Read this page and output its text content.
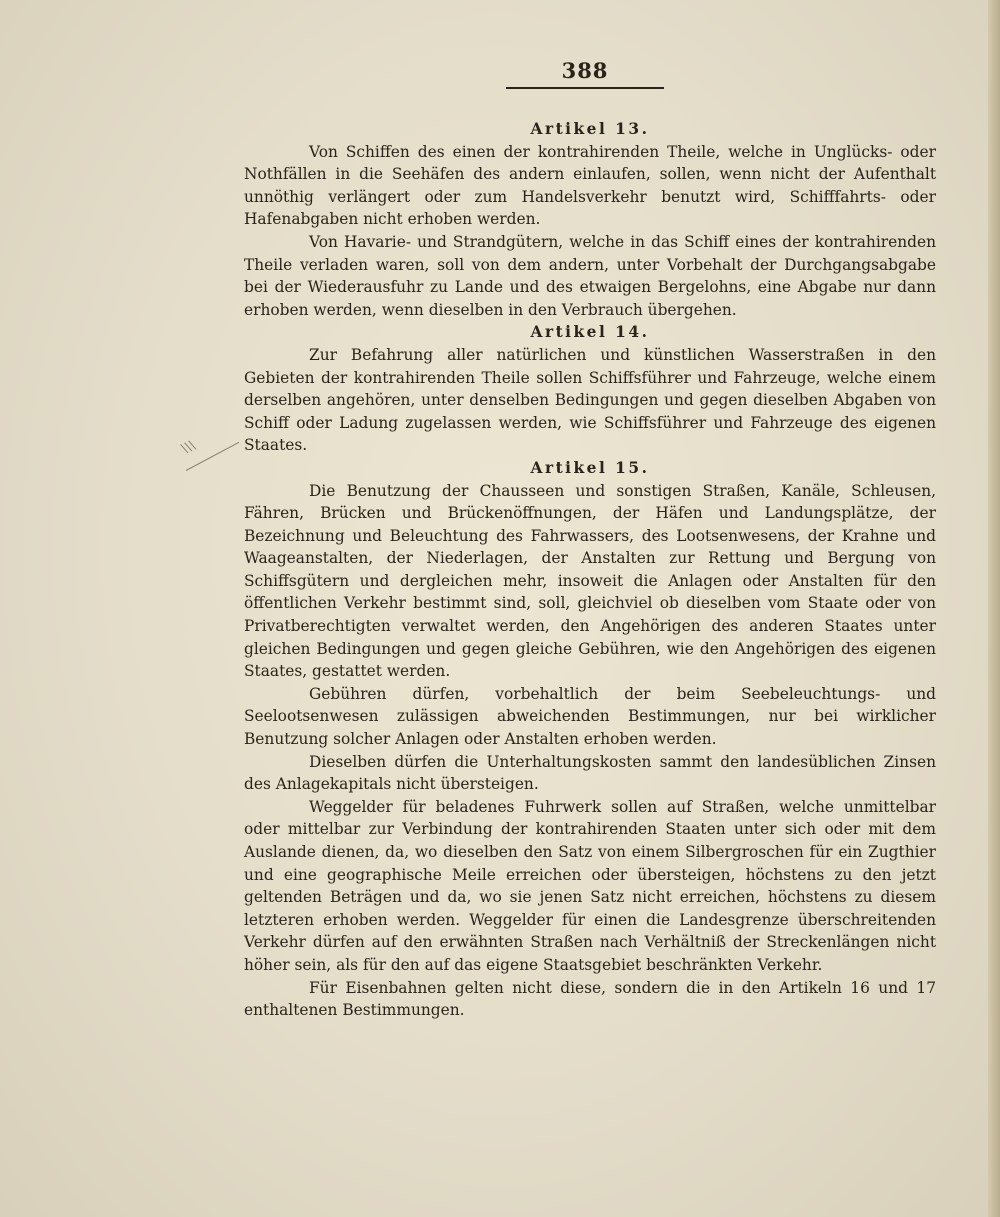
388
\\\
Artikel 13.

Von Schiffen des einen der kontrahirenden Theile, welche in Unglücks- oder Nothfällen in die Seehäfen des andern einlaufen, sollen, wenn nicht der Aufenthalt unnöthig verlängert oder zum Handelsverkehr benutzt wird, Schifffahrts- oder Hafenabgaben nicht erhoben werden.

Von Havarie- und Strandgütern, welche in das Schiff eines der kontrahirenden Theile verladen waren, soll von dem andern, unter Vorbehalt der Durchgangsabgabe bei der Wiederausfuhr zu Lande und des etwaigen Bergelohns, eine Abgabe nur dann erhoben werden, wenn dieselben in den Verbrauch übergehen.

Artikel 14.

Zur Befahrung aller natürlichen und künstlichen Wasserstraßen in den Gebieten der kontrahirenden Theile sollen Schiffsführer und Fahrzeuge, welche einem derselben angehören, unter denselben Bedingungen und gegen dieselben Abgaben von Schiff oder Ladung zugelassen werden, wie Schiffsführer und Fahrzeuge des eigenen Staates.

Artikel 15.

Die Benutzung der Chausseen und sonstigen Straßen, Kanäle, Schleusen, Fähren, Brücken und Brückenöffnungen, der Häfen und Landungsplätze, der Bezeichnung und Beleuchtung des Fahrwassers, des Lootsenwesens, der Krahne und Waageanstalten, der Niederlagen, der Anstalten zur Rettung und Bergung von Schiffsgütern und dergleichen mehr, insoweit die Anlagen oder Anstalten für den öffentlichen Verkehr bestimmt sind, soll, gleichviel ob dieselben vom Staate oder von Privatberechtigten verwaltet werden, den Angehörigen des anderen Staates unter gleichen Bedingungen und gegen gleiche Gebühren, wie den Angehörigen des eigenen Staates, gestattet werden.

Gebühren dürfen, vorbehaltlich der beim Seebeleuchtungs- und Seelootsenwesen zulässigen abweichenden Bestimmungen, nur bei wirklicher Benutzung solcher Anlagen oder Anstalten erhoben werden.

Dieselben dürfen die Unterhaltungskosten sammt den landesüblichen Zinsen des Anlagekapitals nicht übersteigen.

Weggelder für beladenes Fuhrwerk sollen auf Straßen, welche unmittelbar oder mittelbar zur Verbindung der kontrahirenden Staaten unter sich oder mit dem Auslande dienen, da, wo dieselben den Satz von einem Silbergroschen für ein Zugthier und eine geographische Meile erreichen oder übersteigen, höchstens zu den jetzt geltenden Beträgen und da, wo sie jenen Satz nicht erreichen, höchstens zu diesem letzteren erhoben werden. Weggelder für einen die Landesgrenze überschreitenden Verkehr dürfen auf den erwähnten Straßen nach Verhältniß der Streckenlängen nicht höher sein, als für den auf das eigene Staatsgebiet beschränkten Verkehr.

Für Eisenbahnen gelten nicht diese, sondern die in den Artikeln 16 und 17 enthaltenen Bestimmungen.
